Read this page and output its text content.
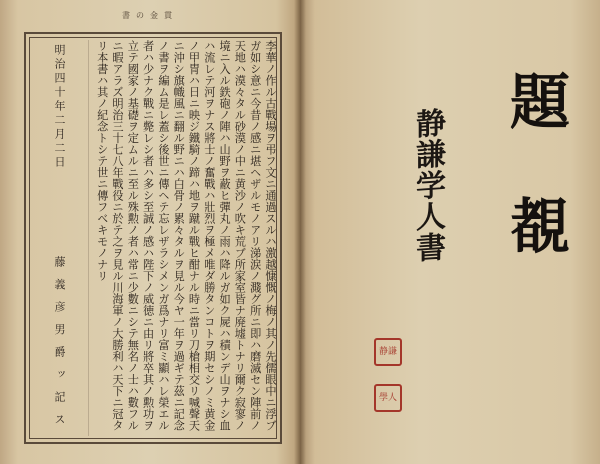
書の金貫
李華ノ作ル古戰場ヲ弔フ文ニ通過スルハ激越慷慨ノ梅ノ其ノ先儒眼中ニ浮ブガ如シ意ニ今昔ノ感ニ堪ヘザルモノアリ涕涙ノ濺グ所ニ即ハ磨滅セン陣前ノ天地ハ漠々タル砂漠ノ中ニ黄沙ノ吹キ荒ブ所家室皆ナ廃墟トナリ爾ク寂寥ノ境ニ入ル鉄砲ノ陣ハ山野ヲ蔽ヒ彈丸ノ雨ハ降ルガ如ク屍ハ積ンデ山ヲナシ血ハ流レテ河ヲナス將士ノ奮戰ハ壯烈ヲ極メ唯ダ勝タンコトヲ期セシノミ黄金ノ甲冑ハ日ニ映ジ鐵騎ノ蹄ハ地ヲ蹴ル戰ヒ酣ナル時ニ當リ刀槍相交リ喊聲天ニ沖シ旗幟風ニ翻ル野ニハ白骨ノ累々タルヲ見ル今ヤ一年ヲ過ギテ茲ニ記念ノ書ヲ編ム是レ蓋シ後世ニ傳ヘテ忘レザラシメンガ爲ナリ富ミ顯ハレ榮エル者ハ少ナク戰ニ斃レシ者ハ多シ至誠ノ感ハ陛下ノ威徳ニ由リ將卒其ノ勲功ヲ立テ國家ノ基礎ヲ定ムルニ至ル殊勲ノ者ハ常ニ少數ニシテ無名ノ士ハ數フルニ暇アラズ明治三十七八年戰役ニ於テ之ヲ見ル川海軍ノ大勝利ハ天下ニ冠タリ本書ハ其ノ紀念トシテ世ニ傳フベキモノナリ
明治四十年二月二日
藤 義 彦 男 爵 ッ 記 ス
題 覩
静謙学人書
静謙
學人
